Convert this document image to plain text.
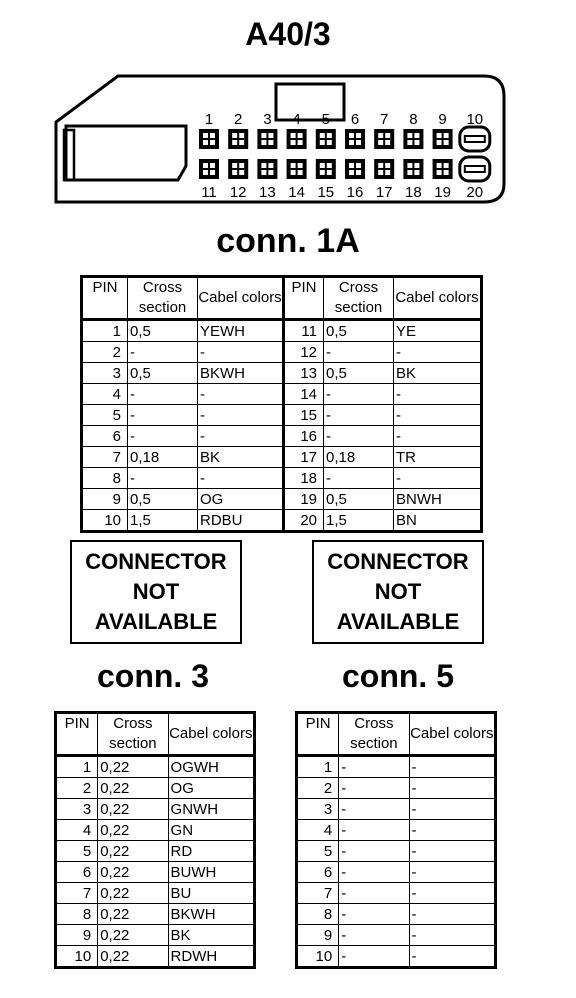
A40/3
1
11
2
12
3
13
4
14
5
15
6
16
7
17
8
18
9
19
10
20
conn. 1A
PIN	Cross section	Cabel colors	PIN	Cross section	Cabel colors
1	0,5	YEWH	11	0,5	YE
2	-	-	12	-	-
3	0,5	BKWH	13	0,5	BK
4	-	-	14	-	-
5	-	-	15	-	-
6	-	-	16	-	-
7	0,18	BK	17	0,18	TR
8	-	-	18	-	-
9	0,5	OG	19	0,5	BNWH
10	1,5	RDBU	20	1,5	BN
CONNECTOR
NOT
AVAILABLE
CONNECTOR
NOT
AVAILABLE
conn. 3	conn. 5
PIN	Cross section	Cabel colors
1	0,22	OGWH
2	0,22	OG
3	0,22	GNWH
4	0,22	GN
5	0,22	RD
6	0,22	BUWH
7	0,22	BU
8	0,22	BKWH
9	0,22	BK
10	0,22	RDWH
PIN	Cross section	Cabel colors
1	-	-
2	-	-
3	-	-
4	-	-
5	-	-
6	-	-
7	-	-
8	-	-
9	-	-
10	-	-
